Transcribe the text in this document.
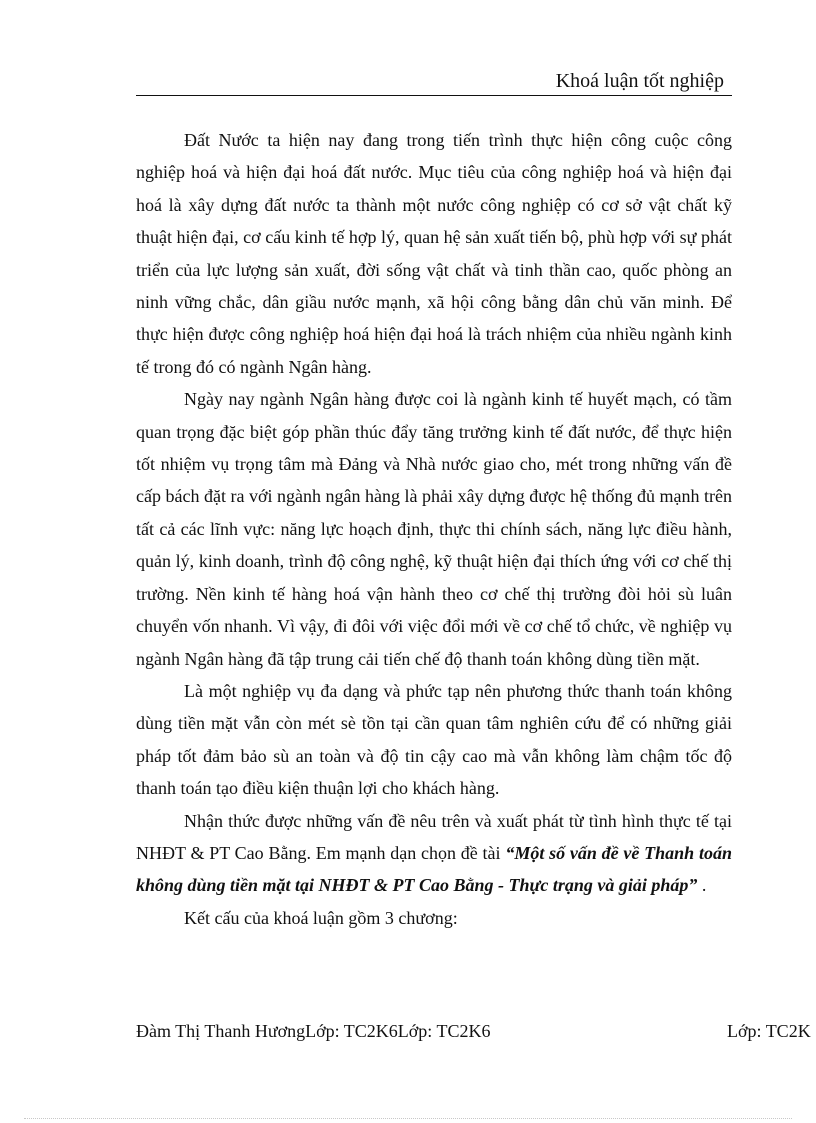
Khoá luận tốt nghiệp

Đất Nước ta hiện nay đang trong tiến trình thực hiện công cuộc công nghiệp hoá và hiện đại hoá đất nước. Mục tiêu của công nghiệp hoá và hiện đại hoá là xây dựng đất nước ta thành một nước công nghiệp có cơ sở vật chất kỹ thuật hiện đại, cơ cấu kinh tế hợp lý, quan hệ sản xuất tiến bộ, phù hợp với sự phát triển của lực lượng sản xuất, đời sống vật chất và tinh thần cao, quốc phòng an ninh vững chắc, dân giầu nước mạnh, xã hội công bằng dân chủ văn minh. Để thực hiện được công nghiệp hoá hiện đại hoá là trách nhiệm của nhiều ngành kinh tế trong đó có ngành Ngân hàng.

Ngày nay ngành Ngân hàng được coi là ngành kinh tế huyết mạch, có tầm quan trọng đặc biệt góp phần thúc đẩy tăng trưởng kinh tế đất nước, để thực hiện tốt nhiệm vụ trọng tâm mà Đảng và Nhà nước giao cho, mét trong những vấn đề cấp bách đặt ra với ngành ngân hàng là phải xây dựng được hệ thống đủ mạnh trên tất cả các lĩnh vực: năng lực hoạch định, thực thi chính sách, năng lực điều hành, quản lý, kinh doanh, trình độ công nghệ, kỹ thuật hiện đại thích ứng với cơ chế thị trường. Nền kinh tế hàng hoá vận hành theo cơ chế thị trường đòi hỏi sù luân chuyển vốn nhanh. Vì vậy, đi đôi với việc đổi mới về cơ chế tổ chức, về nghiệp vụ ngành Ngân hàng đã tập trung cải tiến chế độ thanh toán không dùng tiền mặt.

Là một nghiệp vụ đa dạng và phức tạp nên phương thức thanh toán không dùng tiền mặt vẫn còn mét sè tồn tại cần quan tâm nghiên cứu để có những giải pháp tốt đảm bảo sù an toàn và độ tin cậy cao mà vẫn không làm chậm tốc độ thanh toán tạo điều kiện thuận lợi cho khách hàng.

Nhận thức được những vấn đề nêu trên và xuất phát từ tình hình thực tế tại NHĐT & PT Cao Bằng. Em mạnh dạn chọn đề tài “Một số vấn đề về Thanh toán không dùng tiền mặt tại NHĐT & PT Cao Bằng - Thực trạng và giải pháp” .

Kết cấu của khoá luận gồm 3 chương:

Đàm Thị Thanh HươngLớp: TC2K6Lớp: TC2K6	Lớp: TC2K
